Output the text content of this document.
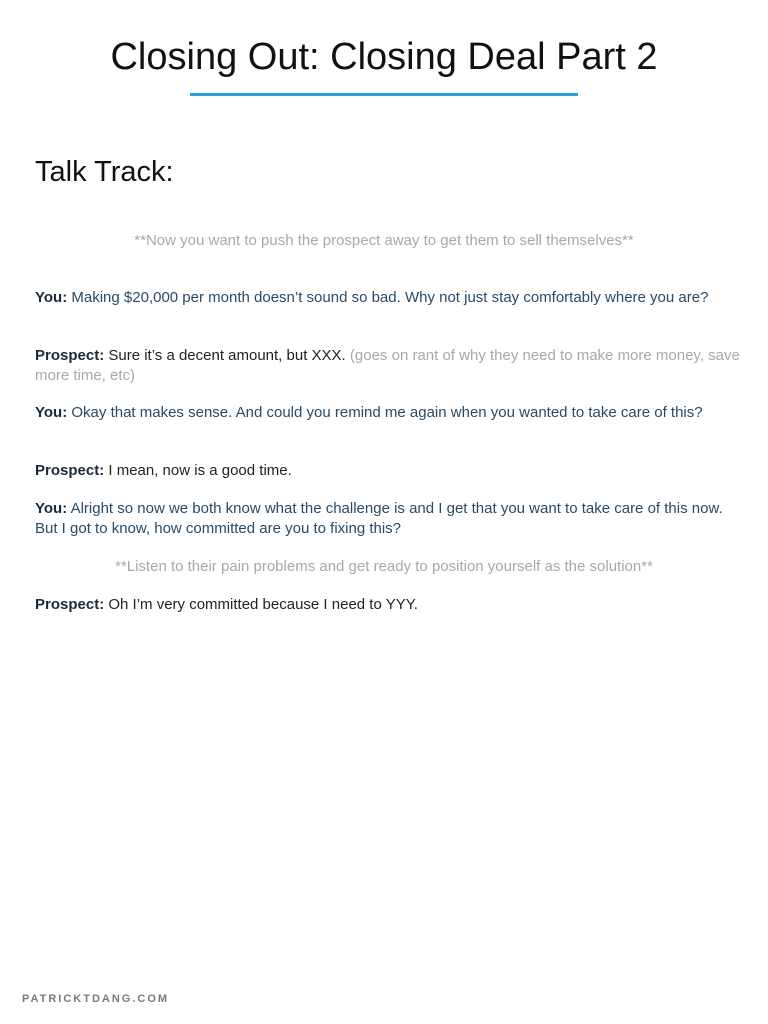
Closing Out: Closing Deal Part 2
Talk Track:
**Now you want to push the prospect away to get them to sell themselves**
You: Making $20,000 per month doesn’t sound so bad. Why not just stay comfortably where you are?
Prospect: Sure it’s a decent amount, but XXX. (goes on rant of why they need to make more money, save more time, etc)
You: Okay that makes sense. And could you remind me again when you wanted to take care of this?
Prospect: I mean, now is a good time.
You: Alright so now we both know what the challenge is and I get that you want to take care of this now. But I got to know, how committed are you to fixing this?
**Listen to their pain problems and get ready to position yourself as the solution**
Prospect: Oh I’m very committed because I need to YYY.
PATRICKTDANG.COM
